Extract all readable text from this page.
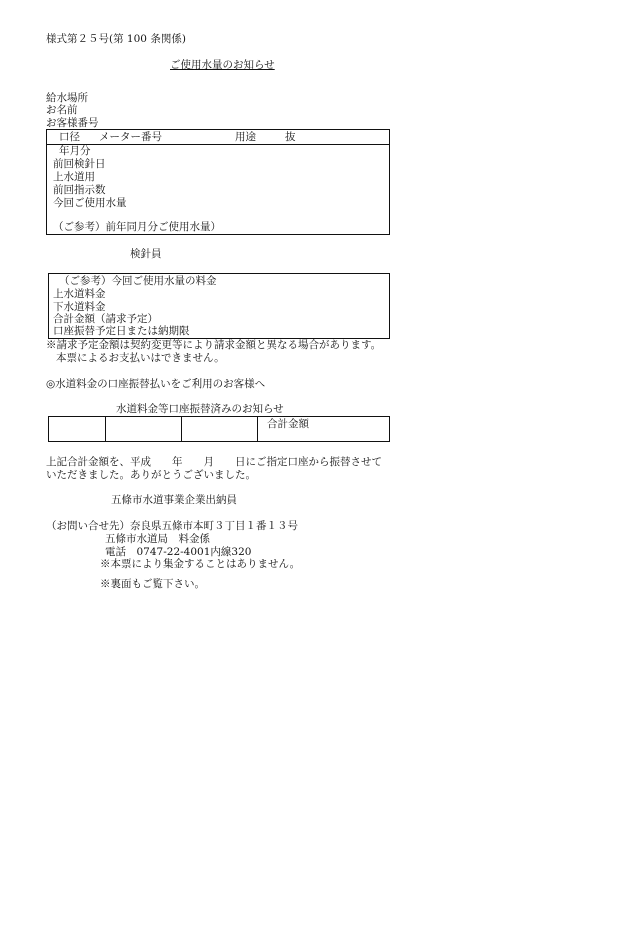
様式第２５号(第 100 条関係)
ご使用水量のお知らせ
給水場所
お名前
お客様番号
口径 メーター番号	用途	抜
年月分
前回検針日
上水道用
前回指示数
今回ご使用水量
（ご参考）前年同月分ご使用水量）
検針員
（ご参考）今回ご使用水量の料金
上水道料金
下水道料金
合計金額（請求予定）
口座振替予定日または納期限
※請求予定金額は契約変更等により請求金額と異なる場合があります。
本票によるお支払いはできません。
◎水道料金の口座振替払いをご利用のお客様へ
水道料金等口座振替済みのお知らせ
合計金額
上記合計金額を、平成　　年　　月　　日にご指定口座から振替させて
いただきました。ありがとうございました。
五條市水道事業企業出納員
（お問い合せ先）奈良県五條市本町３丁目１番１３号
五條市水道局　料金係
電話　0747-22-4001内線320
※本票により集金することはありません。
※裏面もご覧下さい。
